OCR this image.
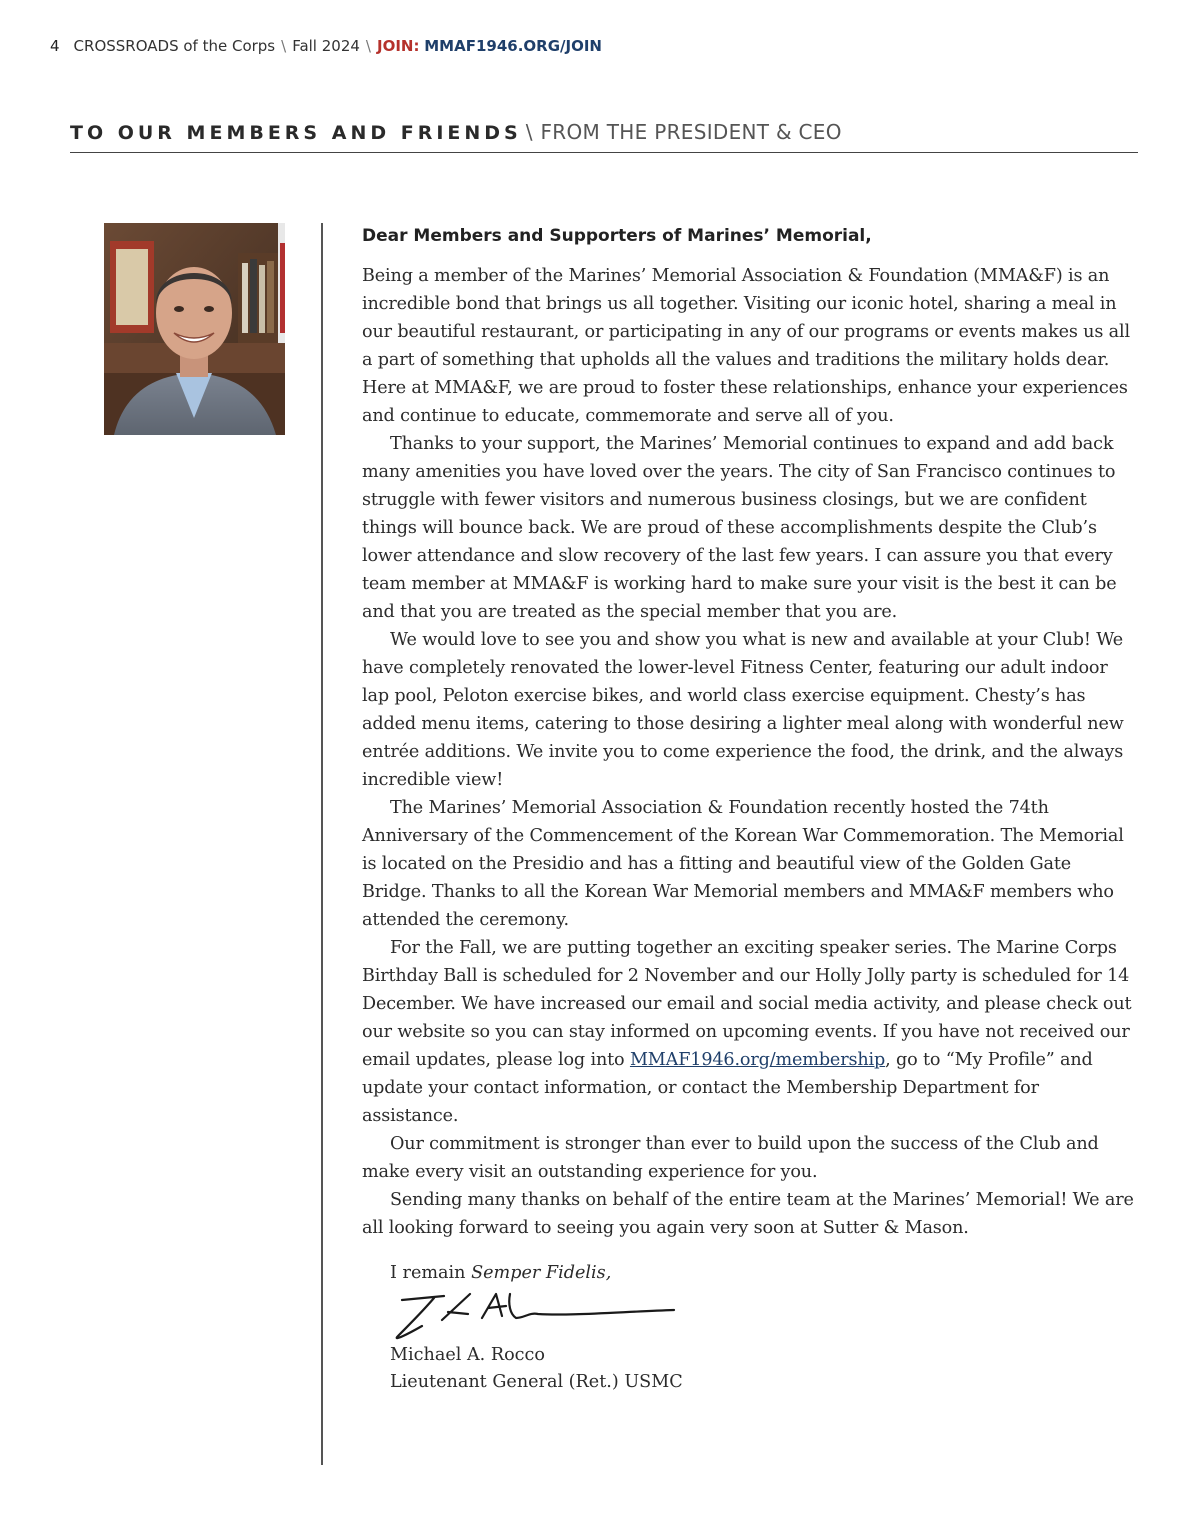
4 CROSSROADS of the Corps \ Fall 2024 \ JOIN: MMAF1946.ORG/JOIN
TO OUR MEMBERS AND FRIENDS \ FROM THE PRESIDENT & CEO
Dear Members and Supporters of Marines’ Memorial,

Being a member of the Marines’ Memorial Association & Foundation (MMA&F) is an incredible bond that brings us all together. Visiting our iconic hotel, sharing a meal in our beautiful restaurant, or participating in any of our programs or events makes us all a part of something that upholds all the values and traditions the military holds dear. Here at MMA&F, we are proud to foster these relationships, enhance your experiences and continue to educate, commemorate and serve all of you.

Thanks to your support, the Marines’ Memorial continues to expand and add back many amenities you have loved over the years. The city of San Francisco continues to struggle with fewer visitors and numerous business closings, but we are confident things will bounce back. We are proud of these accomplishments despite the Club’s lower attendance and slow recovery of the last few years. I can assure you that every team member at MMA&F is working hard to make sure your visit is the best it can be and that you are treated as the special member that you are.

We would love to see you and show you what is new and available at your Club! We have completely renovated the lower-level Fitness Center, featuring our adult indoor lap pool, Peloton exercise bikes, and world class exercise equipment. Chesty’s has added menu items, catering to those desiring a lighter meal along with wonderful new entrée additions. We invite you to come experience the food, the drink, and the always incredible view!

The Marines’ Memorial Association & Foundation recently hosted the 74th Anniversary of the Commencement of the Korean War Commemoration. The Memorial is located on the Presidio and has a fitting and beautiful view of the Golden Gate Bridge. Thanks to all the Korean War Memorial members and MMA&F members who attended the ceremony.

For the Fall, we are putting together an exciting speaker series. The Marine Corps Birthday Ball is scheduled for 2 November and our Holly Jolly party is scheduled for 14 December. We have increased our email and social media activity, and please check out our website so you can stay informed on upcoming events. If you have not received our email updates, please log into MMAF1946.org/membership, go to “My Profile” and update your contact information, or contact the Membership Department for assistance.

Our commitment is stronger than ever to build upon the success of the Club and make every visit an outstanding experience for you.

Sending many thanks on behalf of the entire team at the Marines’ Memorial! We are all looking forward to seeing you again very soon at Sutter & Mason.

I remain Semper Fidelis,
Michael A. Rocco
Lieutenant General (Ret.) USMC
